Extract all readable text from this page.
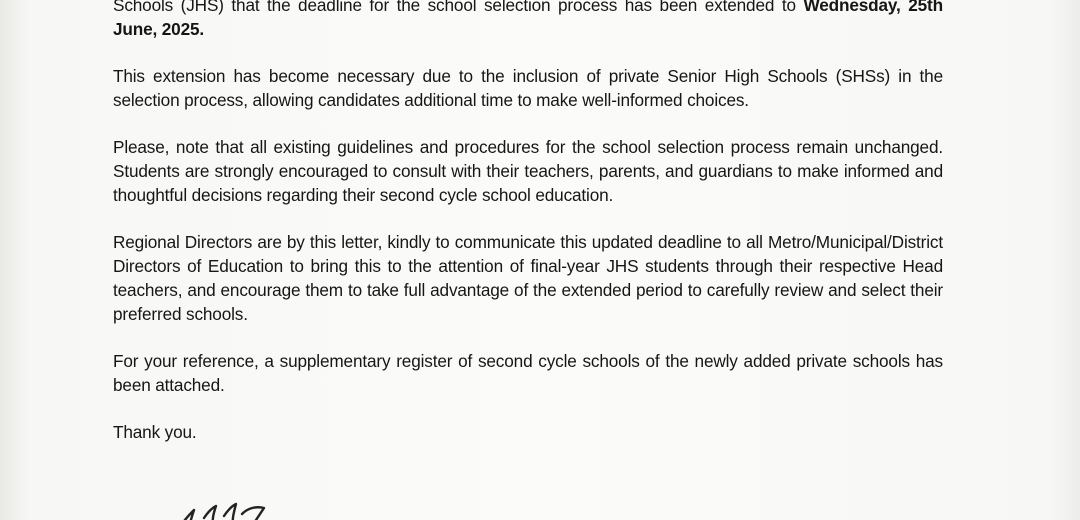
Schools (JHS) that the deadline for the school selection process has been extended to Wednesday, 25th June, 2025.

This extension has become necessary due to the inclusion of private Senior High Schools (SHSs) in the selection process, allowing candidates additional time to make well-informed choices.

Please, note that all existing guidelines and procedures for the school selection process remain unchanged. Students are strongly encouraged to consult with their teachers, parents, and guardians to make informed and thoughtful decisions regarding their second cycle school education.

Regional Directors are by this letter, kindly to communicate this updated deadline to all Metro/Municipal/District Directors of Education to bring this to the attention of final-year JHS students through their respective Head teachers, and encourage them to take full advantage of the extended period to carefully review and select their preferred schools.

For your reference, a supplementary register of second cycle schools of the newly added private schools has been attached.

Thank you.
